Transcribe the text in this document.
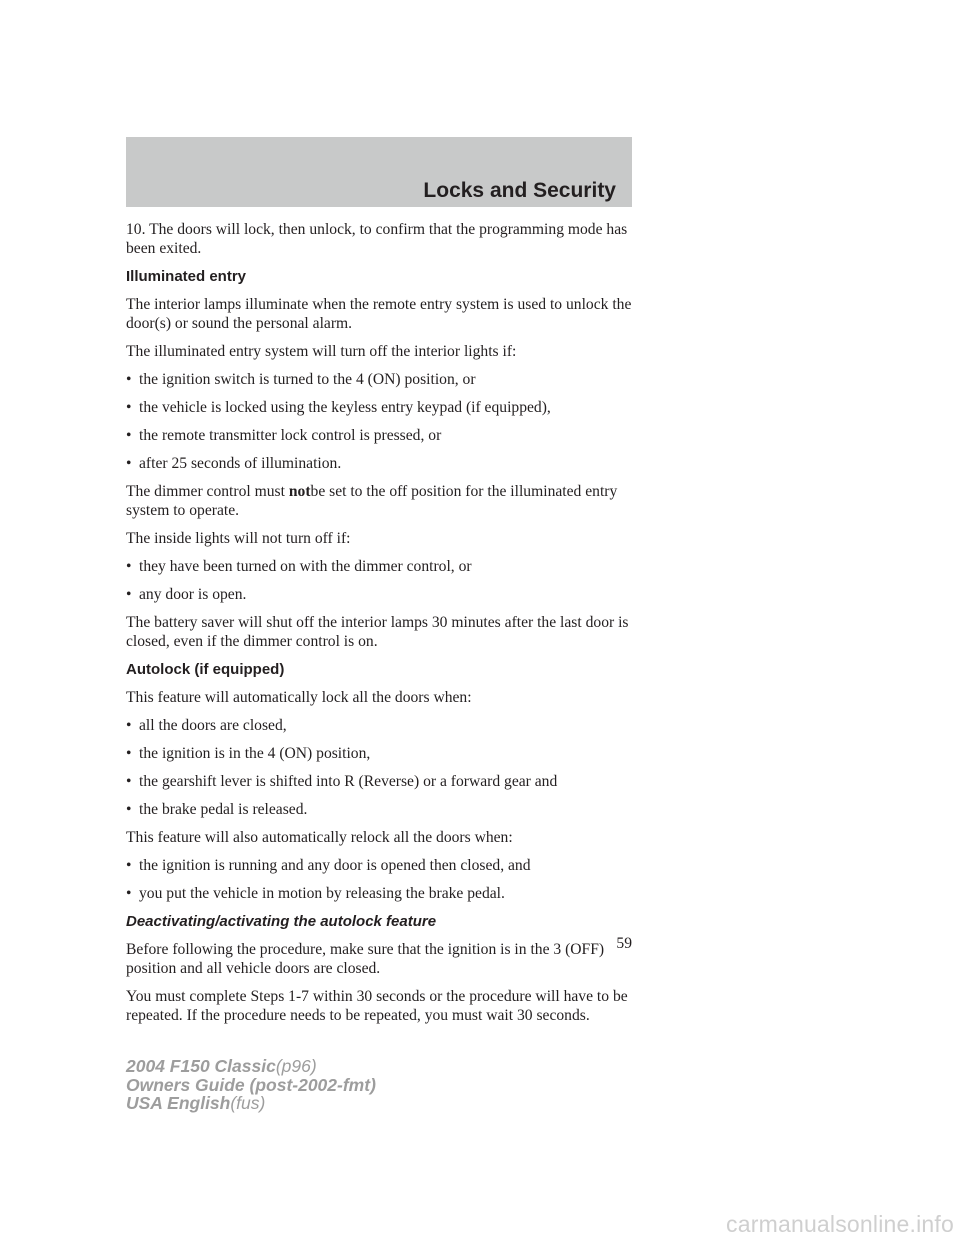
Locks and Security

10. The doors will lock, then unlock, to confirm that the programming mode has been exited.

Illuminated entry

The interior lamps illuminate when the remote entry system is used to unlock the door(s) or sound the personal alarm.

The illuminated entry system will turn off the interior lights if:

• the ignition switch is turned to the 4 (ON) position, or
• the vehicle is locked using the keyless entry keypad (if equipped),
• the remote transmitter lock control is pressed, or
• after 25 seconds of illumination.

The dimmer control must notbe set to the off position for the illuminated entry system to operate.

The inside lights will not turn off if:

• they have been turned on with the dimmer control, or
• any door is open.

The battery saver will shut off the interior lamps 30 minutes after the last door is closed, even if the dimmer control is on.

Autolock (if equipped)

This feature will automatically lock all the doors when:

• all the doors are closed,
• the ignition is in the 4 (ON) position,
• the gearshift lever is shifted into R (Reverse) or a forward gear and
• the brake pedal is released.

This feature will also automatically relock all the doors when:

• the ignition is running and any door is opened then closed, and
• you put the vehicle in motion by releasing the brake pedal.
Deactivating/activating the autolock feature

Before following the procedure, make sure that the ignition is in the 3 (OFF) position and all vehicle doors are closed.

You must complete Steps 1-7 within 30 seconds or the procedure will have to be repeated. If the procedure needs to be repeated, you must wait 30 seconds.

59
2004 F150 Classic(p96)
Owners Guide (post-2002-fmt)
USA English(fus)
carmanualsonline.info
